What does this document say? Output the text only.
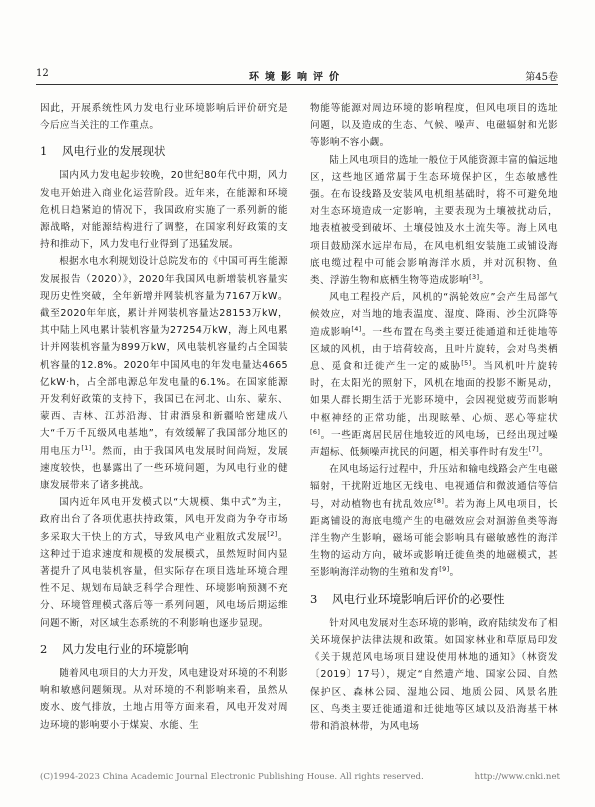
12	环境影响评价	第45卷

因此，开展系统性风力发电行业环境影响后评价研究是今后应当关注的工作重点。

1 风电行业的发展现状

国内风力发电起步较晚，20世纪80年代中期，风力发电开始进入商业化运营阶段。近年来，在能源和环境危机日趋紧迫的情况下，我国政府实施了一系列新的能源战略，对能源结构进行了调整，在国家利好政策的支持和推动下，风力发电行业得到了迅猛发展。

根据水电水利规划设计总院发布的《中国可再生能源发展报告（2020）》，2020年我国风电新增装机容量实现历史性突破，全年新增并网装机容量为7167万kW。截至2020年年底，累计并网装机容量达28153万kW，其中陆上风电累计装机容量为27254万kW，海上风电累计并网装机容量为899万kW，风电装机容量约占全国装机容量的12.8%。2020年中国风电的年发电量达4665亿kW·h，占全部电源总年发电量的6.1%。在国家能源开发利好政策的支持下，我国已在河北、山东、蒙东、蒙西、吉林、江苏沿海、甘肃酒泉和新疆哈密建成八大“千万千瓦级风电基地”，有效缓解了我国部分地区的用电压力[1]。然而，由于我国风电发展时间尚短，发展速度较快，也暴露出了一些环境问题，为风电行业的健康发展带来了诸多挑战。

国内近年风电开发模式以“大规模、集中式”为主，政府出台了各项优惠扶持政策，风电开发商为争夺市场多采取大干快上的方式，导致风电产业粗放式发展[2]。这种过于追求速度和规模的发展模式，虽然短时间内显著提升了风电装机容量，但实际存在项目选址环境合理性不足、规划布局缺乏科学合理性、环境影响预测不充分、环境管理模式落后等一系列问题，风电场后期运维问题不断，对区域生态系统的不利影响也逐步显现。

2 风力发电行业的环境影响

随着风电项目的大力开发，风电建设对环境的不利影响和敏感问题频现。从对环境的不利影响来看，虽然从废水、废气排放，土地占用等方面来看，风电开发对周边环境的影响要小于煤炭、水能、生

物能等能源对周边环境的影响程度，但风电项目的选址问题，以及造成的生态、气候、噪声、电磁辐射和光影等影响不容小觑。

陆上风电项目的选址一般位于风能资源丰富的偏远地区，这些地区通常属于生态环境保护区，生态敏感性强。在布设线路及安装风电机组基础时，将不可避免地对生态环境造成一定影响，主要表现为土壤被扰动后，地表植被受到破坏、土壤侵蚀及水土流失等。海上风电项目鼓励深水远岸布局，在风电机组安装施工或铺设海底电缆过程中可能会影响海洋水质，并对沉积物、鱼类、浮游生物和底栖生物等造成影响[3]。

风电工程投产后，风机的“涡轮效应”会产生局部气候效应，对当地的地表温度、湿度、降雨、沙尘沉降等造成影响[4]。一些布置在鸟类主要迁徙通道和迁徙地等区域的风机，由于培荷较高，且叶片旋转，会对鸟类栖息、觅食和迁徙产生一定的威胁[5]。当风机叶片旋转时，在太阳光的照射下，风机在地面的投影不断晃动，如果人群长期生活于光影环境中，会因视觉疲劳而影响中枢神经的正常功能，出现眩晕、心烦、恶心等症状[6]。一些距离居民居住地较近的风电场，已经出现过噪声超标、低频噪声扰民的问题，相关事件时有发生[7]。

在风电场运行过程中，升压站和输电线路会产生电磁辐射，干扰附近地区无线电、电视通信和微波通信等信号，对动植物也有扰乱效应[8]。若为海上风电项目，长距离铺设的海底电缆产生的电磁效应会对洄游鱼类等海洋生物产生影响，磁场可能会影响具有磁敏感性的海洋生物的运动方向，破坏或影响迁徙鱼类的地磁模式，甚至影响海洋动物的生殖和发育[9]。

3 风电行业环境影响后评价的必要性

针对风电发展对生态环境的影响，政府陆续发布了相关环境保护法律法规和政策。如国家林业和草原局印发《关于规范风电场项目建设使用林地的通知》（林资发〔2019〕17号），规定“自然遗产地、国家公园、自然保护区、森林公园、湿地公园、地质公园、风景名胜区、鸟类主要迁徙通道和迁徙地等区域以及沿海基干林带和消浪林带，为风电场

(C)1994-2023 China Academic Journal Electronic Publishing House. All rights reserved.	http://www.cnki.net
